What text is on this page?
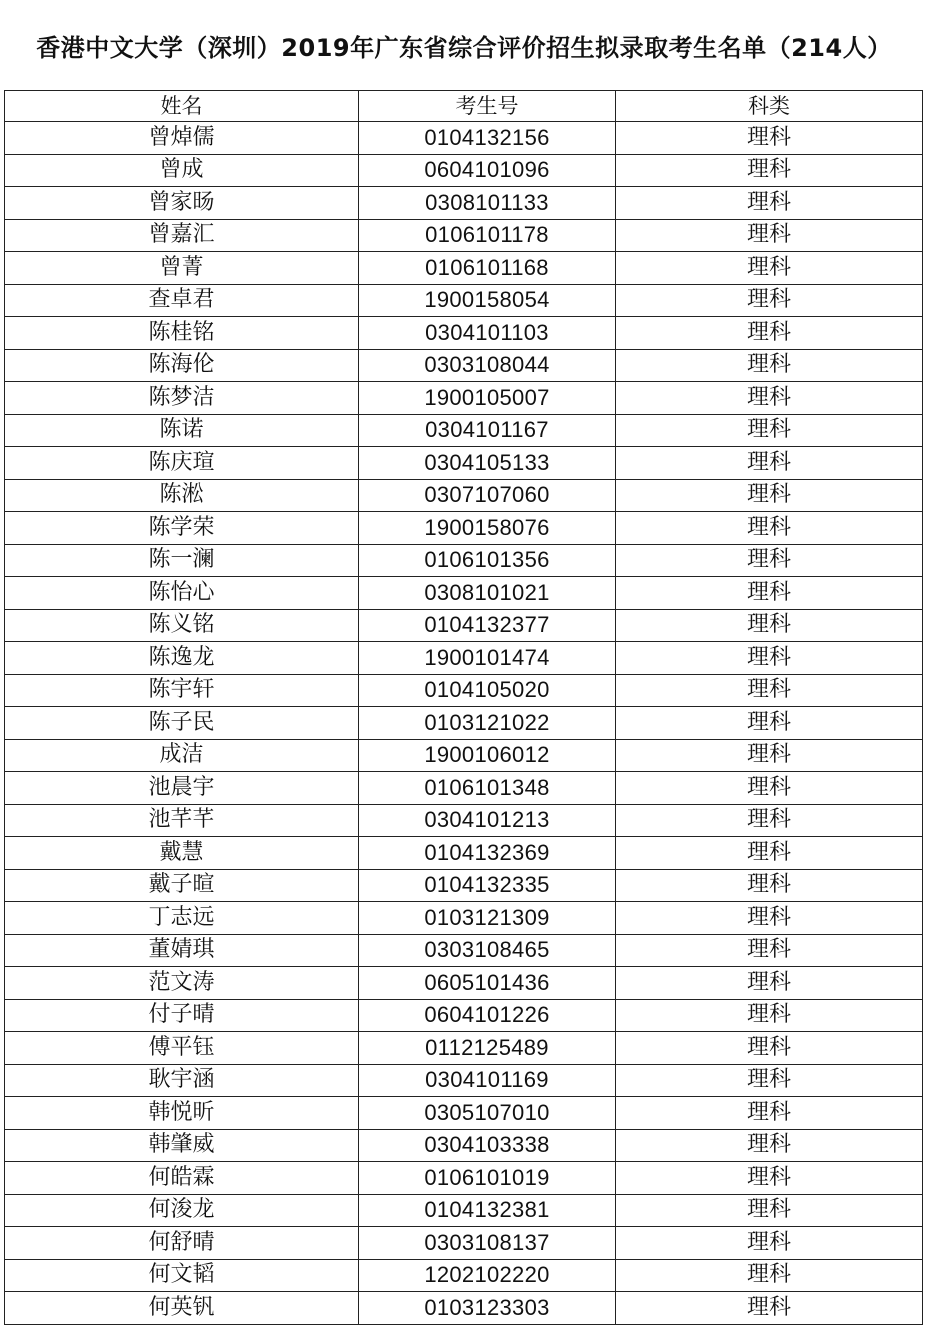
香港中文大学（深圳）2019年广东省综合评价招生拟录取考生名单（214人）
姓名	考生号	科类
曾焯儒	0104132156	理科
曾成	0604101096	理科
曾家旸	0308101133	理科
曾嘉汇	0106101178	理科
曾菁	0106101168	理科
查卓君	1900158054	理科
陈桂铭	0304101103	理科
陈海伦	0303108044	理科
陈梦洁	1900105007	理科
陈诺	0304101167	理科
陈庆瑄	0304105133	理科
陈淞	0307107060	理科
陈学荣	1900158076	理科
陈一澜	0106101356	理科
陈怡心	0308101021	理科
陈义铭	0104132377	理科
陈逸龙	1900101474	理科
陈宇轩	0104105020	理科
陈子民	0103121022	理科
成洁	1900106012	理科
池晨宇	0106101348	理科
池芊芊	0304101213	理科
戴慧	0104132369	理科
戴子暄	0104132335	理科
丁志远	0103121309	理科
董婧琪	0303108465	理科
范文涛	0605101436	理科
付子晴	0604101226	理科
傅平钰	0112125489	理科
耿宇涵	0304101169	理科
韩悦昕	0305107010	理科
韩肇威	0304103338	理科
何皓霖	0106101019	理科
何浚龙	0104132381	理科
何舒晴	0303108137	理科
何文韬	1202102220	理科
何英钒	0103123303	理科
